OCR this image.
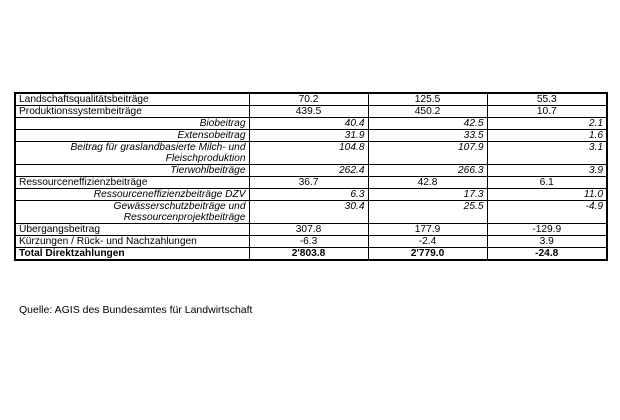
Landschaftsqualitätsbeiträge	70.2	125.5	55.3
Produktionssystembeiträge	439.5	450.2	10.7
Biobeitrag	40.4	42.5	2.1
Extensobeitrag	31.9	33.5	1.6
Beitrag für graslandbasierte Milch- und Fleischproduktion	104.8	107.9	3.1
Tierwohlbeiträge	262.4	266.3	3.9
Ressourceneffizienzbeiträge	36.7	42.8	6.1
Ressourceneffizienzbeiträge DZV	6.3	17.3	11.0
Gewässerschutzbeiträge und Ressourcenprojektbeiträge	30.4	25.5	-4.9
Übergangsbeitrag	307.8	177.9	-129.9
Kürzungen / Rück- und Nachzahlungen	-6.3	-2.4	3.9
Total Direktzahlungen	2'803.8	2'779.0	-24.8
Quelle: AGIS des Bundesamtes für Landwirtschaft
